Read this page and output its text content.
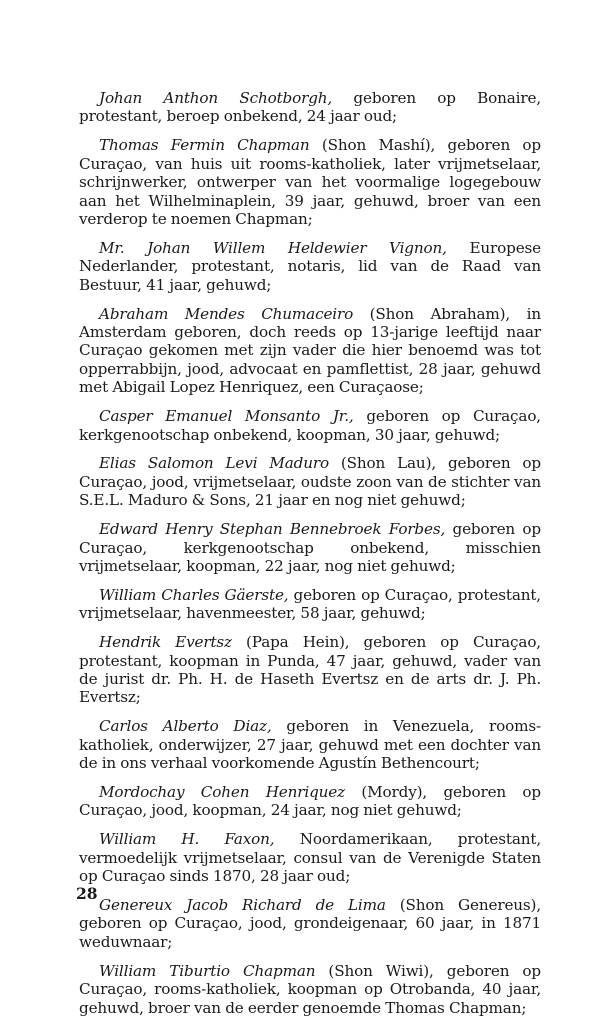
Johan Anthon Schotborgh, geboren op Bonaire, protestant, beroep onbekend, 24 jaar oud;

Thomas Fermin Chapman (Shon Mashí), geboren op Curaçao, van huis uit rooms-katholiek, later vrijmetselaar, schrijnwerker, ontwerper van het voormalige logegebouw aan het Wilhelminaplein, 39 jaar, gehuwd, broer van een verderop te noemen Chapman;

Mr. Johan Willem Heldewier Vignon, Europese Nederlander, protestant, notaris, lid van de Raad van Bestuur, 41 jaar, gehuwd;

Abraham Mendes Chumaceiro (Shon Abraham), in Amsterdam geboren, doch reeds op 13-jarige leeftijd naar Curaçao gekomen met zijn vader die hier benoemd was tot opperrabbijn, jood, advocaat en pamflettist, 28 jaar, gehuwd met Abigail Lopez Henriquez, een Curaçaose;

Casper Emanuel Monsanto Jr., geboren op Curaçao, kerkgenootschap onbekend, koopman, 30 jaar, gehuwd;

Elias Salomon Levi Maduro (Shon Lau), geboren op Curaçao, jood, vrijmetselaar, oudste zoon van de stichter van S.E.L. Maduro & Sons, 21 jaar en nog niet gehuwd;

Edward Henry Stephan Bennebroek Forbes, geboren op Curaçao, kerkgenootschap onbekend, misschien vrijmetselaar, koopman, 22 jaar, nog niet gehuwd;

William Charles Gäerste, geboren op Curaçao, protestant, vrijmetselaar, havenmeester, 58 jaar, gehuwd;

Hendrik Evertsz (Papa Hein), geboren op Curaçao, protestant, koopman in Punda, 47 jaar, gehuwd, vader van de jurist dr. Ph. H. de Haseth Evertsz en de arts dr. J. Ph. Evertsz;

Carlos Alberto Diaz, geboren in Venezuela, rooms-katholiek, onderwijzer, 27 jaar, gehuwd met een dochter van de in ons verhaal voorkomende Agustín Bethencourt;

Mordochay Cohen Henriquez (Mordy), geboren op Curaçao, jood, koopman, 24 jaar, nog niet gehuwd;

William H. Faxon, Noordamerikaan, protestant, vermoedelijk vrijmetselaar, consul van de Verenigde Staten op Curaçao sinds 1870, 28 jaar oud;

Genereux Jacob Richard de Lima (Shon Genereus), geboren op Curaçao, jood, grondeigenaar, 60 jaar, in 1871 weduwnaar;

William Tiburtio Chapman (Shon Wiwi), geboren op Curaçao, rooms-katholiek, koopman op Otrobanda, 40 jaar, gehuwd, broer van de eerder genoemde Thomas Chapman;

28
